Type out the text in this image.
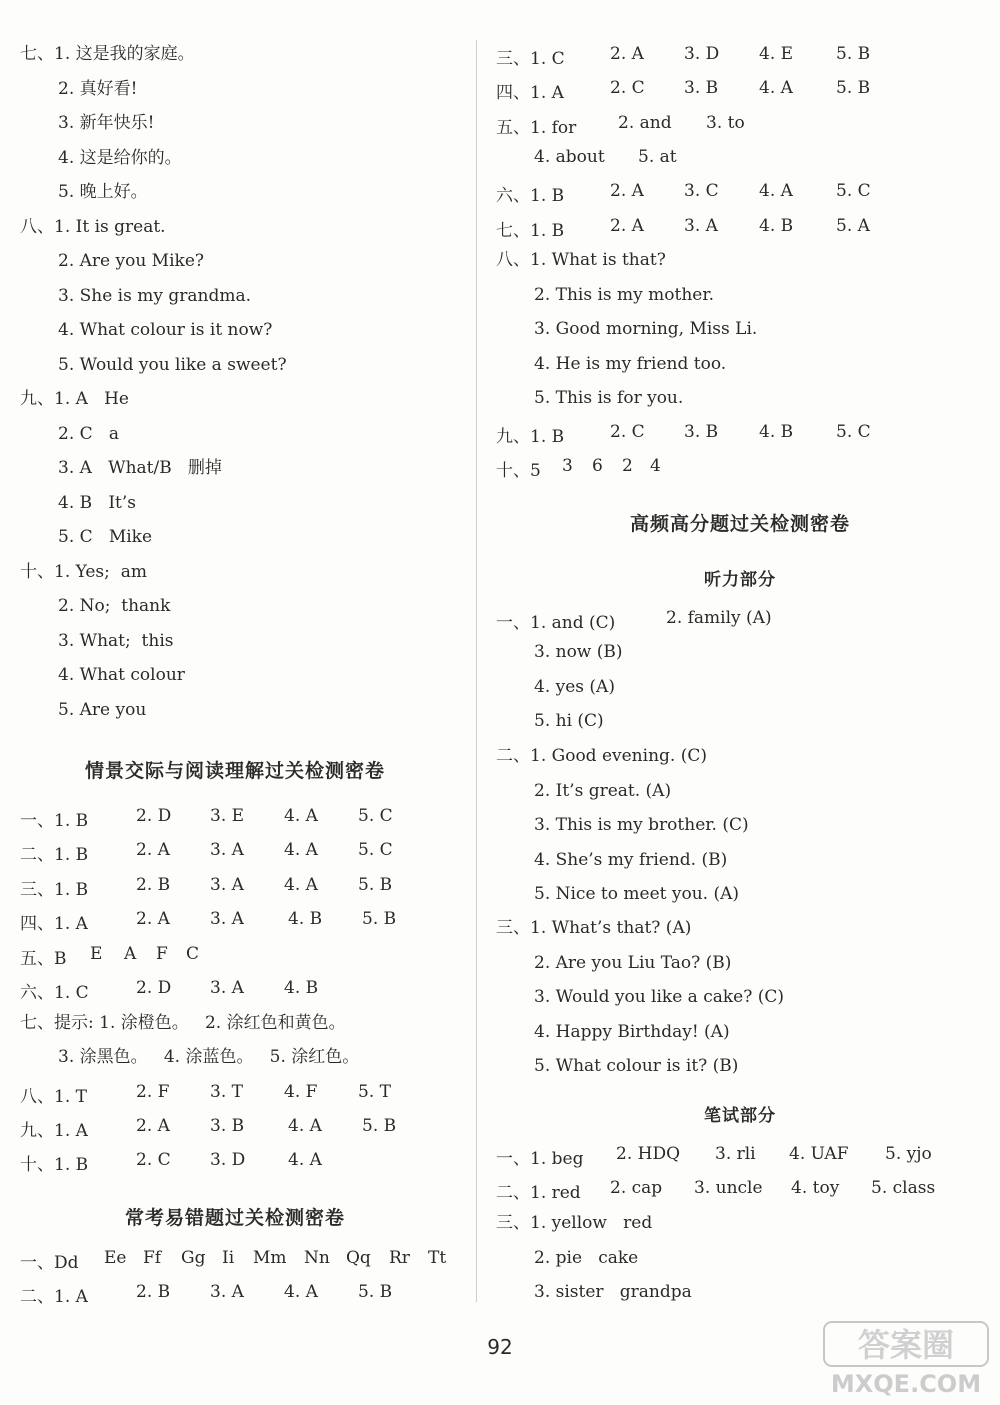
七、1. 这是我的家庭。
2. 真好看!
3. 新年快乐!
4. 这是给你的。
5. 晚上好。
八、1. It is great.
2. Are you Mike?
3. She is my grandma.
4. What colour is it now?
5. Would you like a sweet?
九、1. A   He
2. C   a
3. A   What/B   删掉
4. B   It’s
5. C   Mike
十、1. Yes;  am
2. No;  thank
3. What;  this
4. What colour
5. Are you
情景交际与阅读理解过关检测密卷
一、1. B	2. D 3. E 4. A 5. C
二、1. B	2. A 3. A 4. A 5. C
三、1. B	2. B 3. A 4. A 5. B
四、1. A	2. A 3. A	4. B 5. B
五、B E A F C
六、1. C	2. D 3. A 4. B
七、提示: 1. 涂橙色。   2. 涂红色和黄色。
3. 涂黑色。   4. 涂蓝色。   5. 涂红色。
八、1. T	2. F 3. T 4. F 5. T
九、1. A	2. A 3. B	4. A 5. B
十、1. B	2. C 3. D	4. A
常考易错题过关检测密卷
一、Dd Ee Ff Gg Ii Mm Nn Qq Rr Tt
二、1. A	2. B 3. A 4. A 5. B
三、1. C	2. A 3. D 4. E	5. B
四、1. A	2. C 3. B 4. A	5. B
五、1. for 2. and 3. to
4. about 5. at
六、1. B	2. A 3. C 4. A	5. C
七、1. B	2. A 3. A 4. B	5. A
八、1. What is that?
2. This is my mother.
3. Good morning, Miss Li.
4. He is my friend too.
5. This is for you.
九、1. B	2. C 3. B 4. B	5. C
十、5 3 6 2 4
高频高分题过关检测密卷
听力部分
一、1. and (C)	2. family (A)
3. now (B)
4. yes (A)
5. hi (C)
二、1. Good evening. (C)
2. It’s great. (A)
3. This is my brother. (C)
4. She’s my friend. (B)
5. Nice to meet you. (A)
三、1. What’s that? (A)
2. Are you Liu Tao? (B)
3. Would you like a cake? (C)
4. Happy Birthday! (A)
5. What colour is it? (B)
笔试部分
一、1. beg 2. HDQ 3. rli 4. UAF 5. yjo
二、1. red 2. cap 3. uncle 4. toy 5. class
三、1. yellow   red
2. pie   cake
3. sister   grandpa
92	答案圈
MXQE.COM
